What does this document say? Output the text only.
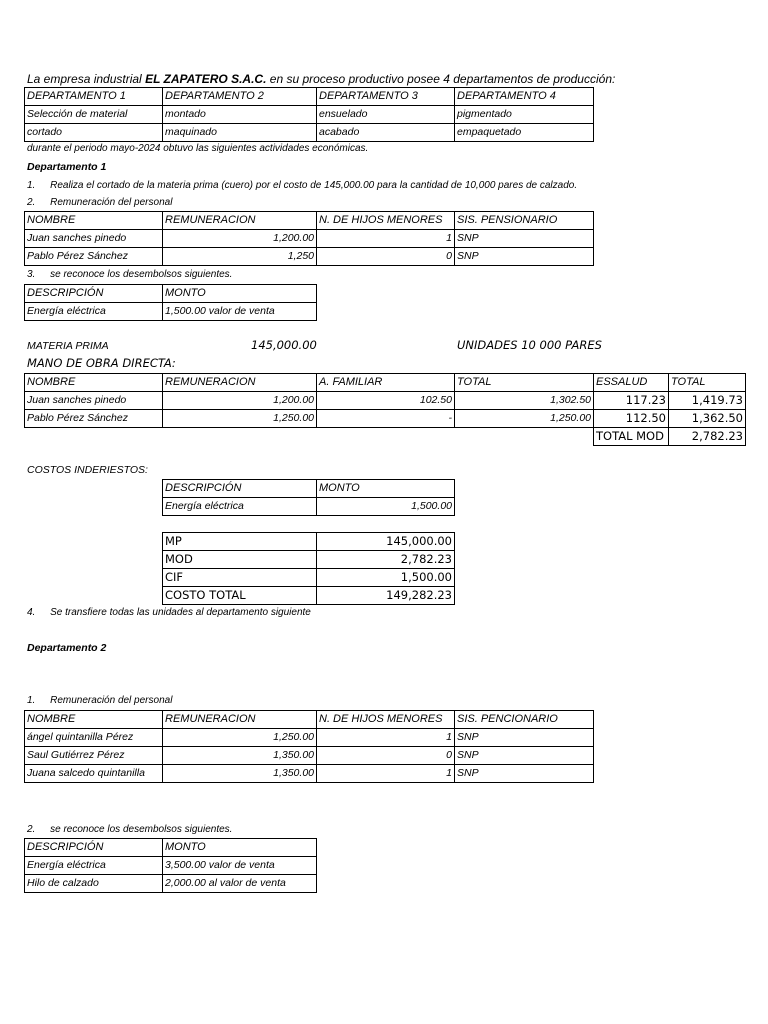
La empresa industrial EL ZAPATERO S.A.C. en su proceso productivo posee 4 departamentos de producción:
DEPARTAMENTO 1	DEPARTAMENTO 2	DEPARTAMENTO 3	DEPARTAMENTO 4
Selección de material	montado	ensuelado	pigmentado
cortado	maquinado	acabado	empaquetado
durante el periodo mayo-2024 obtuvo las siguientes actividades económicas.
Departamento 1
1. Realiza el cortado de la materia prima (cuero) por el costo de 145,000.00 para la cantidad de 10,000 pares de calzado.
2. Remuneración del personal
NOMBRE	REMUNERACION	N. DE HIJOS MENORES	SIS. PENSIONARIO
Juan sanches pinedo	1,200.00	1	SNP
Pablo Pérez Sánchez	1,250	0	SNP
3. se reconoce los desembolsos siguientes.
DESCRIPCIÓN	MONTO
Energía eléctrica	1,500.00 valor de venta
MATERIA PRIMA	145,000.00	UNIDADES 10 000 PARES
MANO DE OBRA DIRECTA:
NOMBRE	REMUNERACION	A. FAMILIAR	TOTAL	ESSALUD	TOTAL
Juan sanches pinedo	1,200.00	102.50	1,302.50	117.23	1,419.73
Pablo Pérez Sánchez	1,250.00	-	1,250.00	112.50	1,362.50
				TOTAL MOD	2,782.23
COSTOS INDERIESTOS:
DESCRIPCIÓN	MONTO
Energía eléctrica	1,500.00
MP	145,000.00
MOD	2,782.23
CIF	1,500.00
COSTO TOTAL	149,282.23
4. Se transfiere todas las unidades al departamento siguiente
Departamento 2
1. Remuneración del personal
NOMBRE	REMUNERACION	N. DE HIJOS MENORES	SIS. PENCIONARIO
ángel quintanilla Pérez	1,250.00	1	SNP
Saul Gutiérrez Pérez	1,350.00	0	SNP
Juana salcedo quintanilla	1,350.00	1	SNP
2. se reconoce los desembolsos siguientes.
DESCRIPCIÓN	MONTO
Energía eléctrica	3,500.00 valor de venta
Hilo de calzado	2,000.00 al valor de venta
